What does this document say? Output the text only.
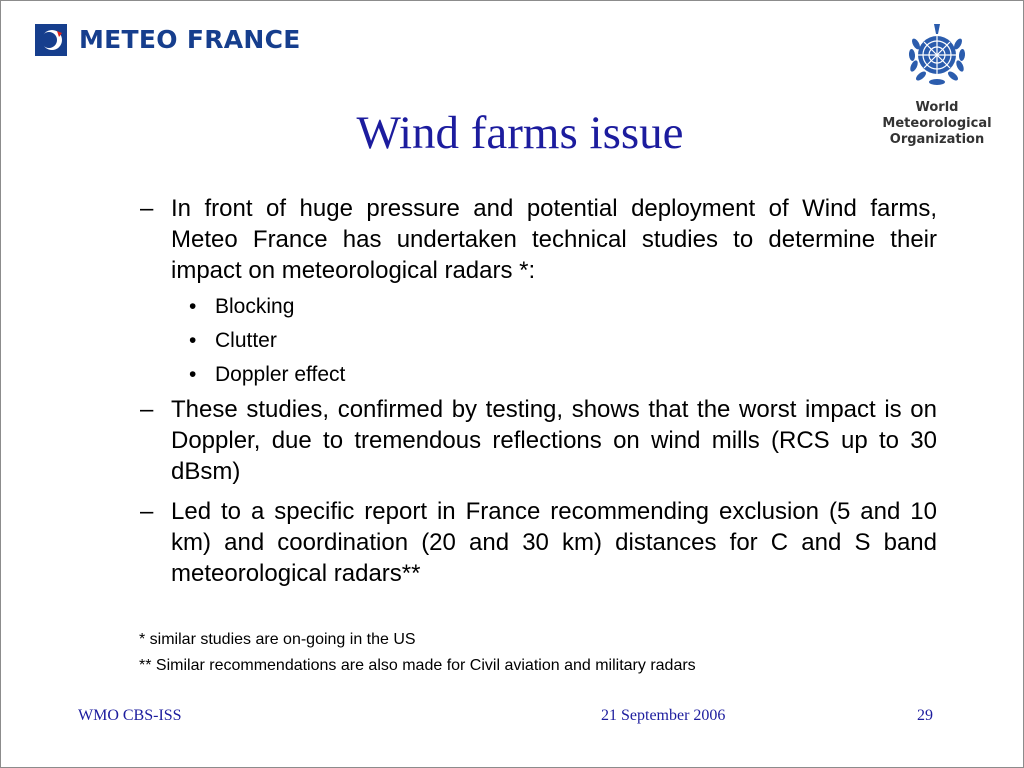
METEO FRANCE
World
Meteorological
Organization
Wind farms issue
– In front of huge pressure and potential deployment of Wind farms, Meteo France has undertaken technical studies to determine their impact on meteorological radars *:
• Blocking
• Clutter
• Doppler effect
– These studies, confirmed by testing, shows that the worst impact is on Doppler, due to tremendous reflections on wind mills (RCS up to 30 dBsm)
– Led to a specific report in France recommending exclusion (5 and 10 km) and coordination (20 and 30 km) distances for C and S band meteorological radars**
* similar studies are on-going in the US
** Similar recommendations are also made for Civil aviation and military radars
WMO CBS-ISS	21 September 2006	29
